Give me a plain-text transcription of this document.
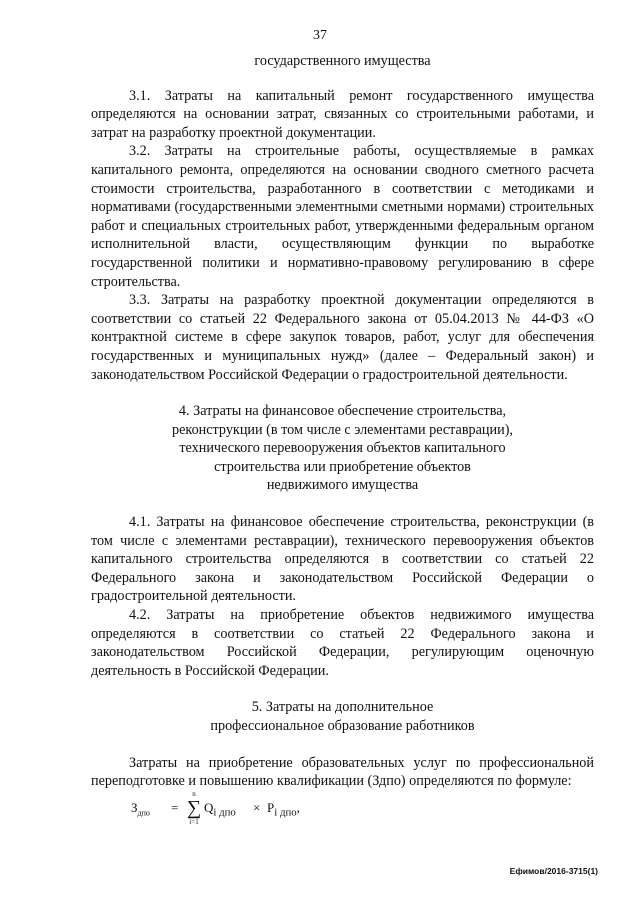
37
государственного имущества

3.1. Затраты на капитальный ремонт государственного имущества определяются на основании затрат, связанных со строительными работами, и затрат на разработку проектной документации.

3.2. Затраты на строительные работы, осуществляемые в рамках капитального ремонта, определяются на основании сводного сметного расчета стоимости строительства, разработанного в соответствии с методиками и нормативами (государственными элементными сметными нормами) строительных работ и специальных строительных работ, утвержденными федеральным органом исполнительной власти, осуществляющим функции по выработке государственной политики и нормативно-правовому регулированию в сфере строительства.

3.3. Затраты на разработку проектной документации определяются в соответствии со статьей 22 Федерального закона от 05.04.2013 № 44-ФЗ «О контрактной системе в сфере закупок товаров, работ, услуг для обеспечения государственных и муниципальных нужд» (далее – Федеральный закон) и законодательством Российской Федерации о градостроительной деятельности.

4. Затраты на финансовое обеспечение строительства,
реконструкции (в том числе с элементами реставрации),
технического перевооружения объектов капитального
строительства или приобретение объектов
недвижимого имущества

4.1. Затраты на финансовое обеспечение строительства, реконструкции (в том числе с элементами реставрации), технического перевооружения объектов капитального строительства определяются в соответствии со статьей 22 Федерального закона и законодательством Российской Федерации о градостроительной деятельности.

4.2. Затраты на приобретение объектов недвижимого имущества определяются в соответствии со статьей 22 Федерального закона и законодательством Российской Федерации, регулирующим оценочную деятельность в Российской Федерации.

5. Затраты на дополнительное
профессиональное образование работников

Затраты на приобретение образовательных услуг по профессиональной переподготовке и повышению квалификации (Здпо) определяются по формуле:

$З_{дпо}$ =
n
∑
i=1
$Q_{i дпо} \times P_{i дпо}$,
Ефимов/2016-3715(1)
